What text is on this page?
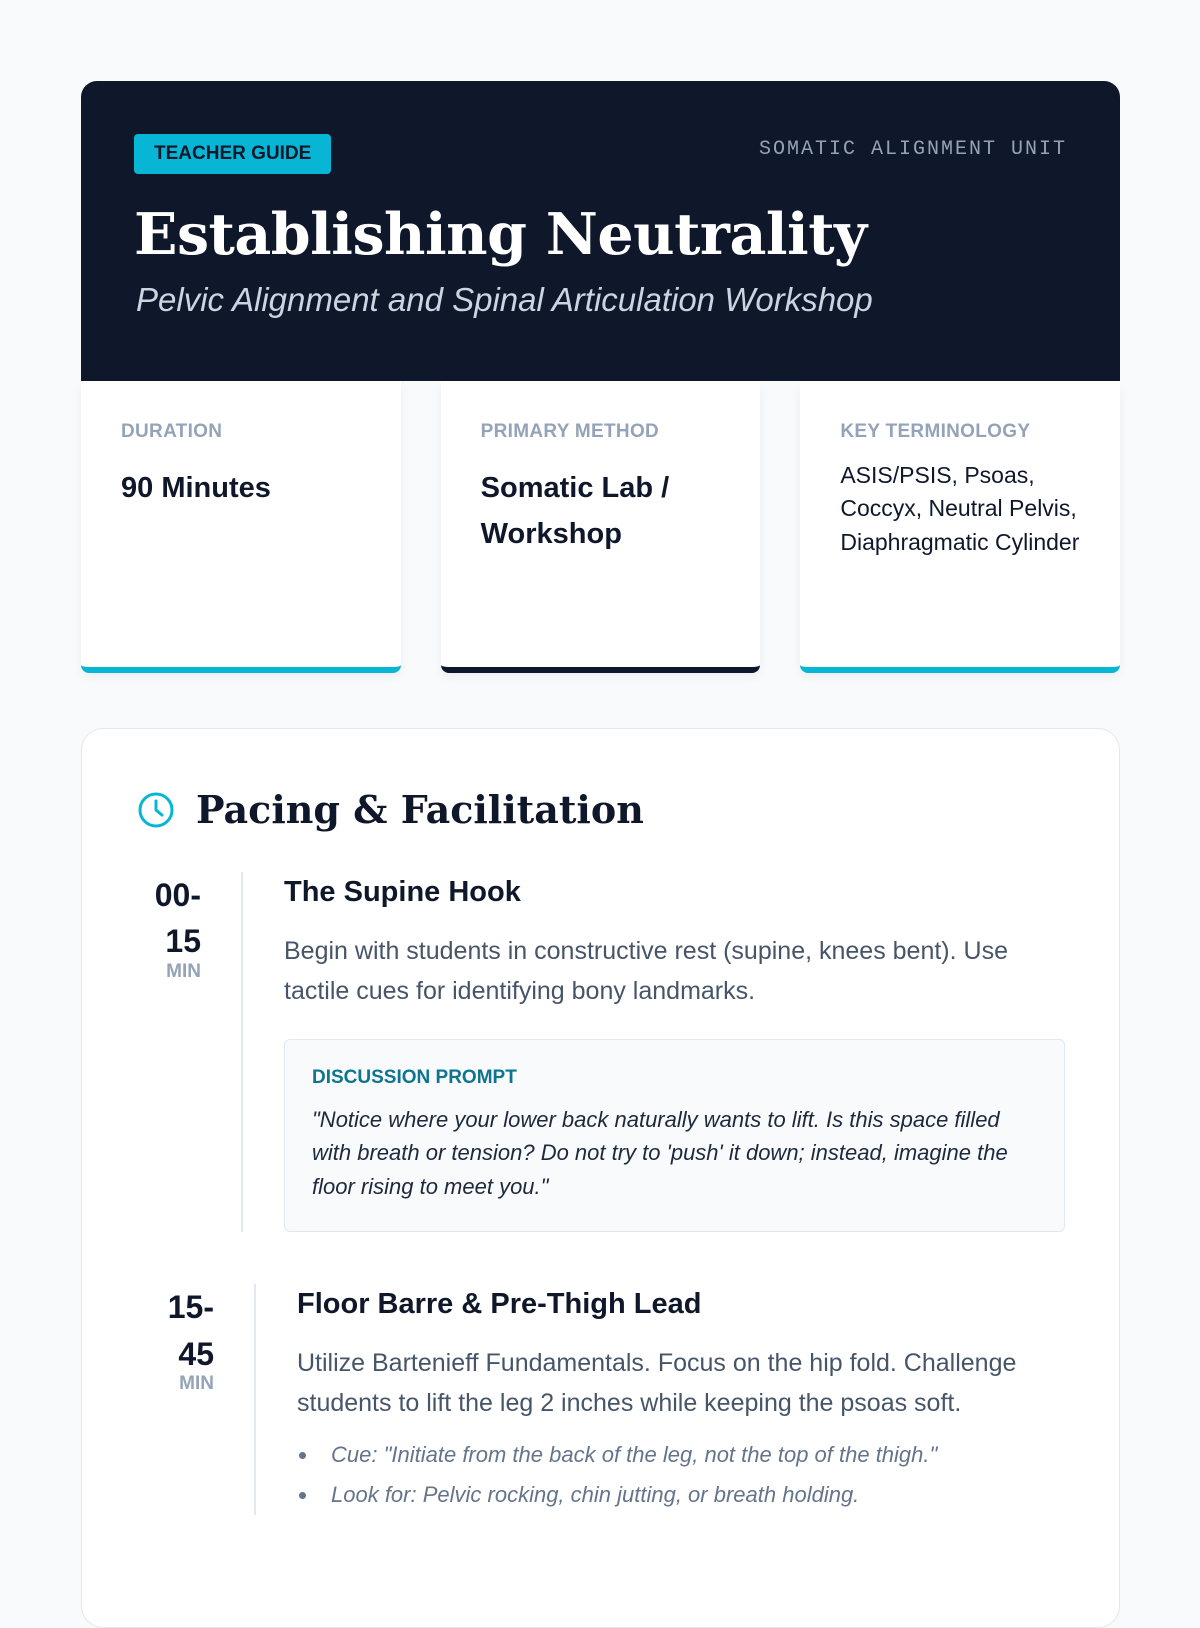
TEACHER GUIDE	SOMATIC ALIGNMENT UNIT
Establishing Neutrality
Pelvic Alignment and Spinal Articulation Workshop
DURATION
90 Minutes
PRIMARY METHOD
Somatic Lab / Workshop
KEY TERMINOLOGY
ASIS/PSIS, Psoas, Coccyx, Neutral Pelvis, Diaphragmatic Cylinder
Pacing & Facilitation
00-15
MIN
The Supine Hook
Begin with students in constructive rest (supine, knees bent). Use tactile cues for identifying bony landmarks.
DISCUSSION PROMPT
"Notice where your lower back naturally wants to lift. Is this space filled with breath or tension? Do not try to 'push' it down; instead, imagine the floor rising to meet you."
15-45
MIN
Floor Barre & Pre-Thigh Lead
Utilize Bartenieff Fundamentals. Focus on the hip fold. Challenge students to lift the leg 2 inches while keeping the psoas soft.
Cue: "Initiate from the back of the leg, not the top of the thigh."
Look for: Pelvic rocking, chin jutting, or breath holding.
